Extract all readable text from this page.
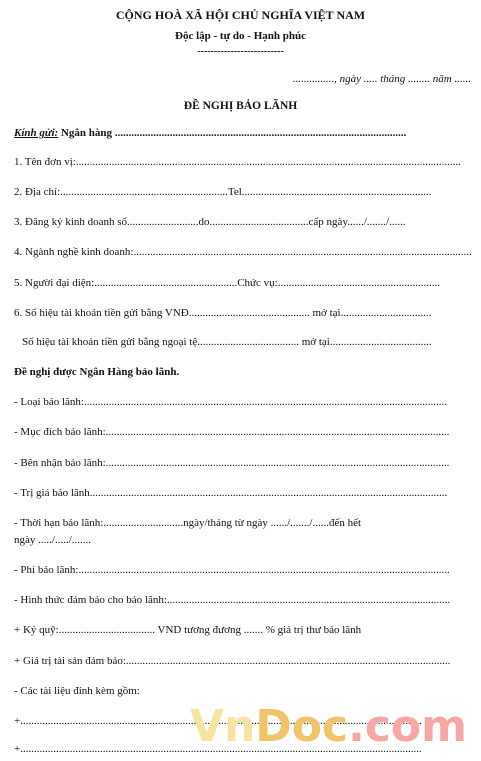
CỘNG HOÀ XÃ HỘI CHỦ NGHĨA VIỆT NAM
Độc lập - tự do - Hạnh phúc
--------------------------
..............., ngày ..... tháng ........ năm ......
ĐỀ NGHỊ BẢO LÃNH
Kính gửi: Ngân hàng ..........................................................................................................
1. Tên đơn vị:............................................................................................................................................
2. Địa chỉ:.............................................................Tel.....................................................................
3. Đăng ký kinh doanh số..........................do....................................cấp ngày....../......./......
4. Ngành nghề kinh doanh:...........................................................................................................................
5. Người đại diện:....................................................Chức vụ:...........................................................
6. Số hiệu tài khoản tiền gửi bằng VNĐ............................................ mở tại.................................
Số hiệu tài khoản tiền gửi bằng ngoại tệ..................................... mở tại.....................................
Đề nghị được Ngân Hàng bảo lãnh.
- Loại bảo lãnh:....................................................................................................................................
- Mục đích bảo lãnh:.............................................................................................................................
- Bên nhận bảo lãnh:.............................................................................................................................
- Trị giá bảo lãnh..................................................................................................................................
- Thời hạn bảo lãnh:.............................ngày/tháng từ ngày ....../......./......đến hết
ngày ...../...../.......
- Phí bảo lãnh:.......................................................................................................................................
- Hình thức đảm bảo cho bảo lãnh:.......................................................................................................
+ Ký quỹ:................................... VND tương đương ....... % giá trị thư bảo lãnh
+ Giá trị tài sản đảm bảo:......................................................................................................................
- Các tài liệu đính kèm gồm:
+..................................................................................................................................................
+..................................................................................................................................................
VnDoc.com
